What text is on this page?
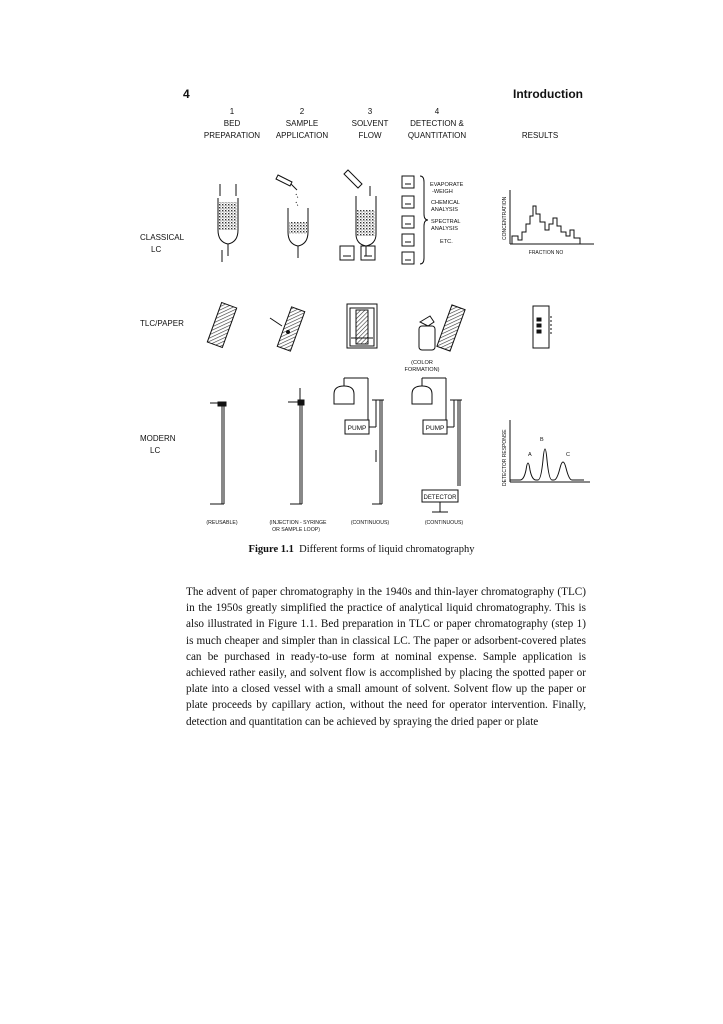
4	Introduction
1
BED
PREPARATION
2
SAMPLE
APPLICATION
3
SOLVENT
FLOW
4
DETECTION &
QUANTITATION	RESULTS
CLASSICAL
LC
TLC/PAPER
MODERN
LC
EVAPORATE
-WEIGH
CHEMICAL
ANALYSIS
SPECTRAL
ANALYSIS
ETC.
CONCENTRATION
FRACTION NO
(COLOR
FORMATION)
PUMP	PUMP
DETECTOR
A
B
C
DETECTOR RESPONSE
(REUSABLE)	(INJECTION - SYRINGE
OR SAMPLE LOOP)
(CONTINUOUS)	(CONTINUOUS)
Figure 1.1 Different forms of liquid chromatography

The advent of paper chromatography in the 1940s and thin-layer chromatography (TLC) in the 1950s greatly simplified the practice of analytical liquid chromatography. This is also illustrated in Figure 1.1. Bed preparation in TLC or paper chromatography (step 1) is much cheaper and simpler than in classical LC. The paper or adsorbent-covered plates can be purchased in ready-to-use form at nominal expense. Sample application is achieved rather easily, and solvent flow is accomplished by placing the spotted paper or plate into a closed vessel with a small amount of solvent. Solvent flow up the paper or plate proceeds by capillary action, without the need for operator intervention. Finally, detection and quantitation can be achieved by spraying the dried paper or plate
